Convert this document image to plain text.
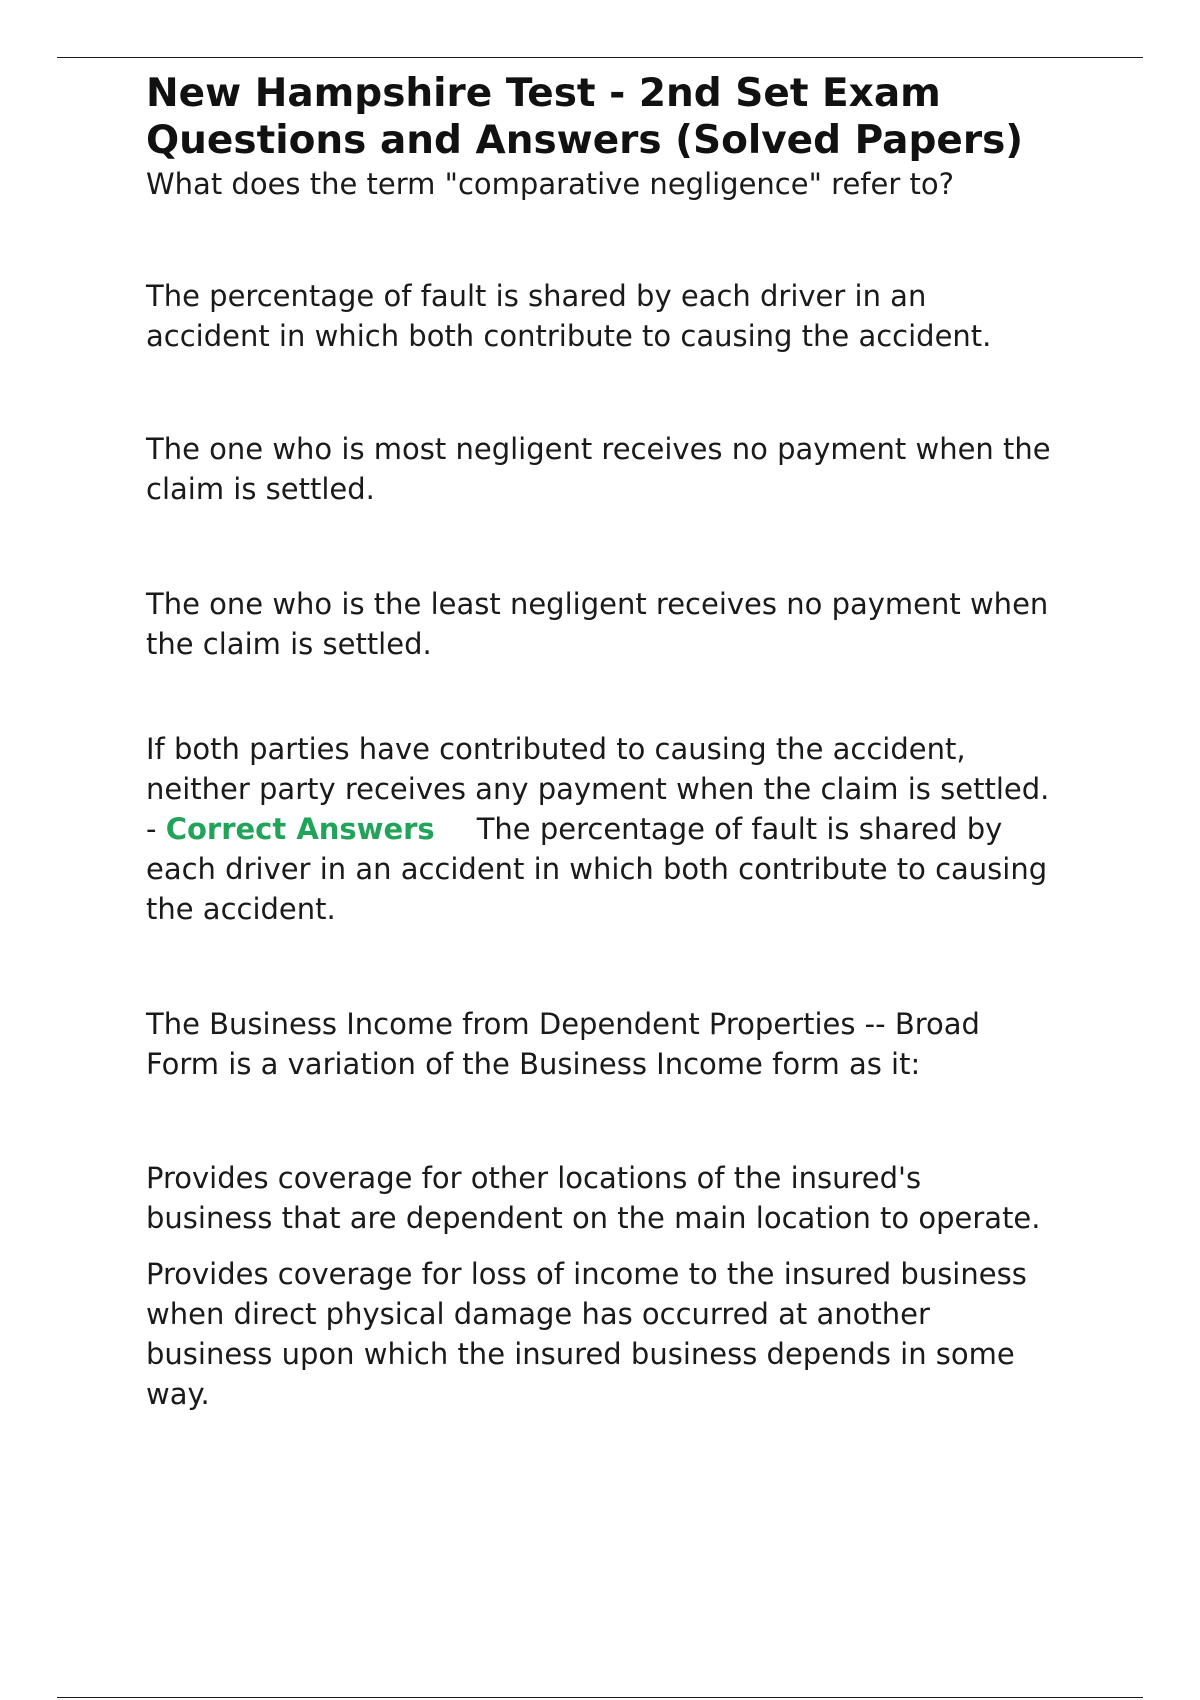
New Hampshire Test - 2nd Set Exam
Questions and Answers (Solved Papers)

What does the term "comparative negligence" refer to?

The percentage of fault is shared by each driver in an

accident in which both contribute to causing the accident.

The one who is most negligent receives no payment when the

claim is settled.

The one who is the least negligent receives no payment when

the claim is settled.

If both parties have contributed to causing the accident,

neither party receives any payment when the claim is settled.

- Correct Answers The percentage of fault is shared by

each driver in an accident in which both contribute to causing

the accident.

The Business Income from Dependent Properties -- Broad

Form is a variation of the Business Income form as it:

Provides coverage for other locations of the insured's

business that are dependent on the main location to operate.

Provides coverage for loss of income to the insured business

when direct physical damage has occurred at another

business upon which the insured business depends in some

way.
